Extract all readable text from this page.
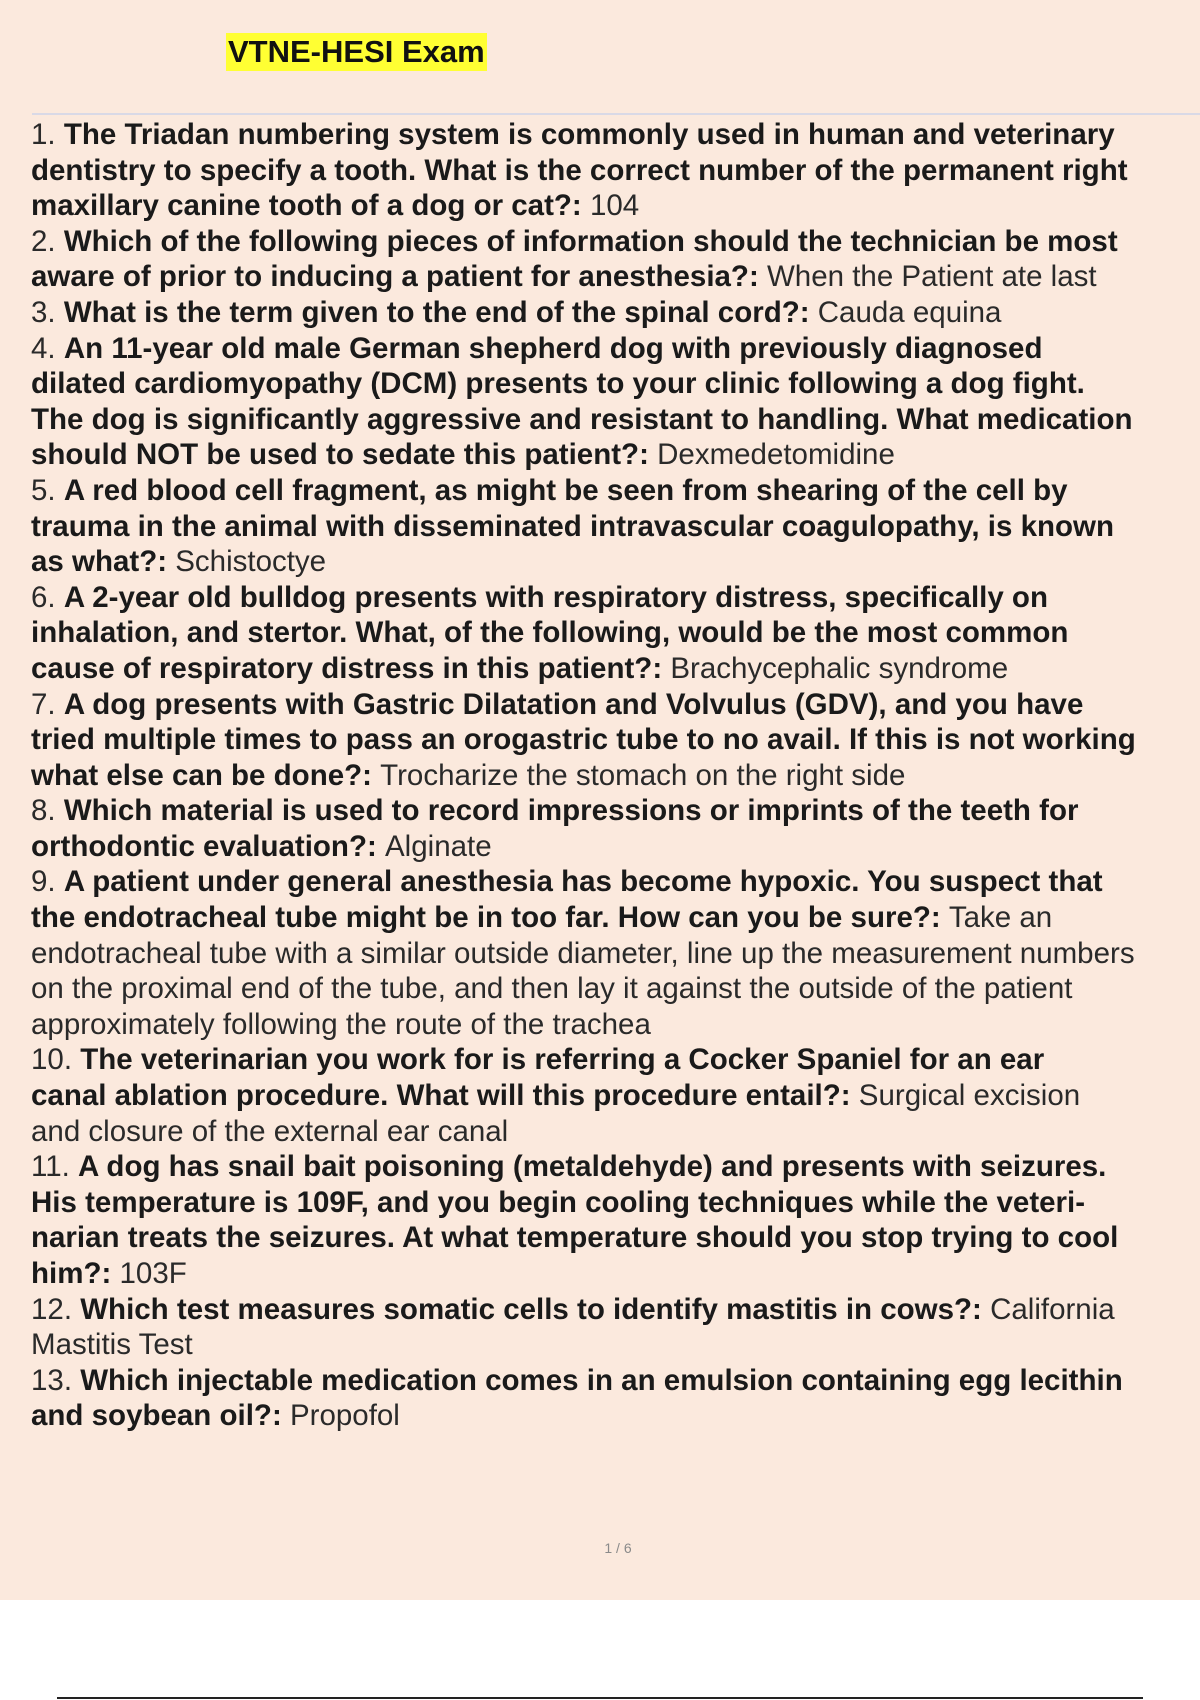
VTNE-HESI Exam
1. The Triadan numbering system is commonly used in human and veterinary
dentistry to specify a tooth. What is the correct number of the permanent right
maxillary canine tooth of a dog or cat?: 104
2. Which of the following pieces of information should the technician be most
aware of prior to inducing a patient for anesthesia?: When the Patient ate last
3. What is the term given to the end of the spinal cord?: Cauda equina
4. An 11-year old male German shepherd dog with previously diagnosed
dilated cardiomyopathy (DCM) presents to your clinic following a dog fight.
The dog is significantly aggressive and resistant to handling. What medication
should NOT be used to sedate this patient?: Dexmedetomidine
5. A red blood cell fragment, as might be seen from shearing of the cell by
trauma in the animal with disseminated intravascular coagulopathy, is known
as what?: Schistoctye
6. A 2-year old bulldog presents with respiratory distress, specifically on
inhalation, and stertor. What, of the following, would be the most common
cause of respiratory distress in this patient?: Brachycephalic syndrome
7. A dog presents with Gastric Dilatation and Volvulus (GDV), and you have
tried multiple times to pass an orogastric tube to no avail. If this is not working
what else can be done?: Trocharize the stomach on the right side
8. Which material is used to record impressions or imprints of the teeth for
orthodontic evaluation?: Alginate
9. A patient under general anesthesia has become hypoxic. You suspect that
the endotracheal tube might be in too far. How can you be sure?: Take an
endotracheal tube with a similar outside diameter, line up the measurement numbers
on the proximal end of the tube, and then lay it against the outside of the patient
approximately following the route of the trachea
10. The veterinarian you work for is referring a Cocker Spaniel for an ear
canal ablation procedure. What will this procedure entail?: Surgical excision
and closure of the external ear canal
11. A dog has snail bait poisoning (metaldehyde) and presents with seizures.
His temperature is 109F, and you begin cooling techniques while the veteri-
narian treats the seizures. At what temperature should you stop trying to cool
him?: 103F
12. Which test measures somatic cells to identify mastitis in cows?: California
Mastitis Test
13. Which injectable medication comes in an emulsion containing egg lecithin
and soybean oil?: Propofol
1 / 6
